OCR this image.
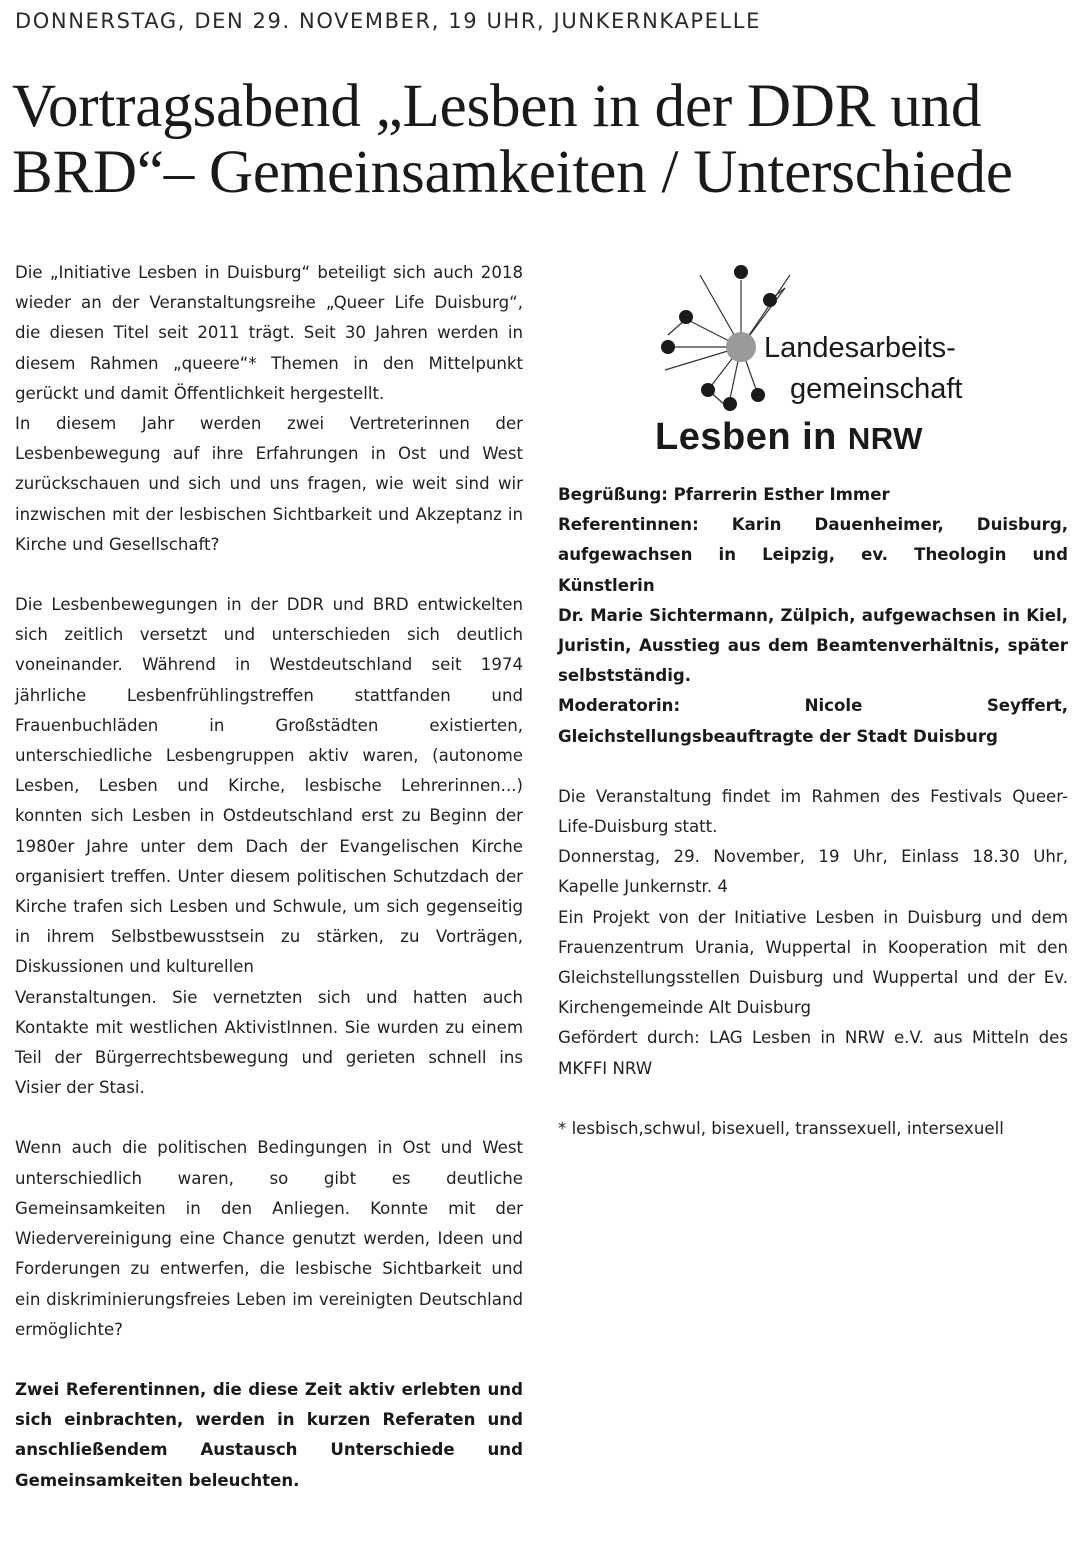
DONNERSTAG, DEN 29. NOVEMBER, 19 UHR, JUNKERNKAPELLE
Vortragsabend „Lesben in der DDR und BRD“– Gemeinsamkeiten / Unterschiede

Die „Initiative Lesben in Duisburg“ beteiligt sich auch 2018 wieder an der Veranstaltungsreihe „Queer Life Duisburg“, die diesen Titel seit 2011 trägt. Seit 30 Jahren werden in diesem Rahmen „queere“* Themen in den Mittelpunkt gerückt und damit Öffentlichkeit hergestellt.

In diesem Jahr werden zwei Vertreterinnen der Lesbenbewegung auf ihre Erfahrungen in Ost und West zurückschauen und sich und uns fragen, wie weit sind wir inzwischen mit der lesbischen Sichtbarkeit und Akzeptanz in Kirche und Gesellschaft?

Die Lesbenbewegungen in der DDR und BRD entwickelten sich zeitlich versetzt und unterschieden sich deutlich voneinander. Während in Westdeutschland seit 1974 jährliche Lesbenfrühlingstreffen stattfanden und Frauenbuchläden in Großstädten existierten, unterschiedliche Lesbengruppen aktiv waren, (autonome Lesben, Lesben und Kirche, lesbische Lehrerinnen...) konnten sich Lesben in Ostdeutschland erst zu Beginn der 1980er Jahre unter dem Dach der Evangelischen Kirche organisiert treffen. Unter diesem politischen Schutzdach der Kirche trafen sich Lesben und Schwule, um sich gegenseitig in ihrem Selbstbewusstsein zu stärken, zu Vorträgen, Diskussionen und kulturellen

Veranstaltungen. Sie vernetzten sich und hatten auch Kontakte mit westlichen AktivistInnen. Sie wurden zu einem Teil der Bürgerrechtsbewegung und gerieten schnell ins Visier der Stasi.

Wenn auch die politischen Bedingungen in Ost und West unterschiedlich waren, so gibt es deutliche Gemeinsamkeiten in den Anliegen. Konnte mit der Wiedervereinigung eine Chance genutzt werden, Ideen und Forderungen zu entwerfen, die lesbische Sichtbarkeit und ein diskriminierungsfreies Leben im vereinigten Deutschland ermöglichte?

Zwei Referentinnen, die diese Zeit aktiv erlebten und sich einbrachten, werden in kurzen Referaten und anschließendem Austausch Unterschiede und Gemeinsamkeiten beleuchten.

Landesarbeits-
gemeinschaft
Lesben in NRW

Begrüßung: Pfarrerin Esther Immer

Referentinnen: Karin Dauenheimer, Duisburg, aufgewachsen in Leipzig, ev. Theologin und Künstlerin

Dr. Marie Sichtermann, Zülpich, aufgewachsen in Kiel, Juristin, Ausstieg aus dem Beamtenverhältnis, später selbstständig.

Moderatorin: Nicole Seyffert, Gleichstellungsbeauftragte der Stadt Duisburg

Die Veranstaltung findet im Rahmen des Festivals Queer-Life-Duisburg statt.

Donnerstag, 29. November, 19 Uhr, Einlass 18.30 Uhr, Kapelle Junkernstr. 4

Ein Projekt von der Initiative Lesben in Duisburg und dem Frauenzentrum Urania, Wuppertal in Kooperation mit den Gleichstellungsstellen Duisburg und Wuppertal und der Ev. Kirchengemeinde Alt Duisburg

Gefördert durch: LAG Lesben in NRW e.V. aus Mitteln des MKFFI NRW

* lesbisch,schwul, bisexuell, transsexuell, intersexuell
